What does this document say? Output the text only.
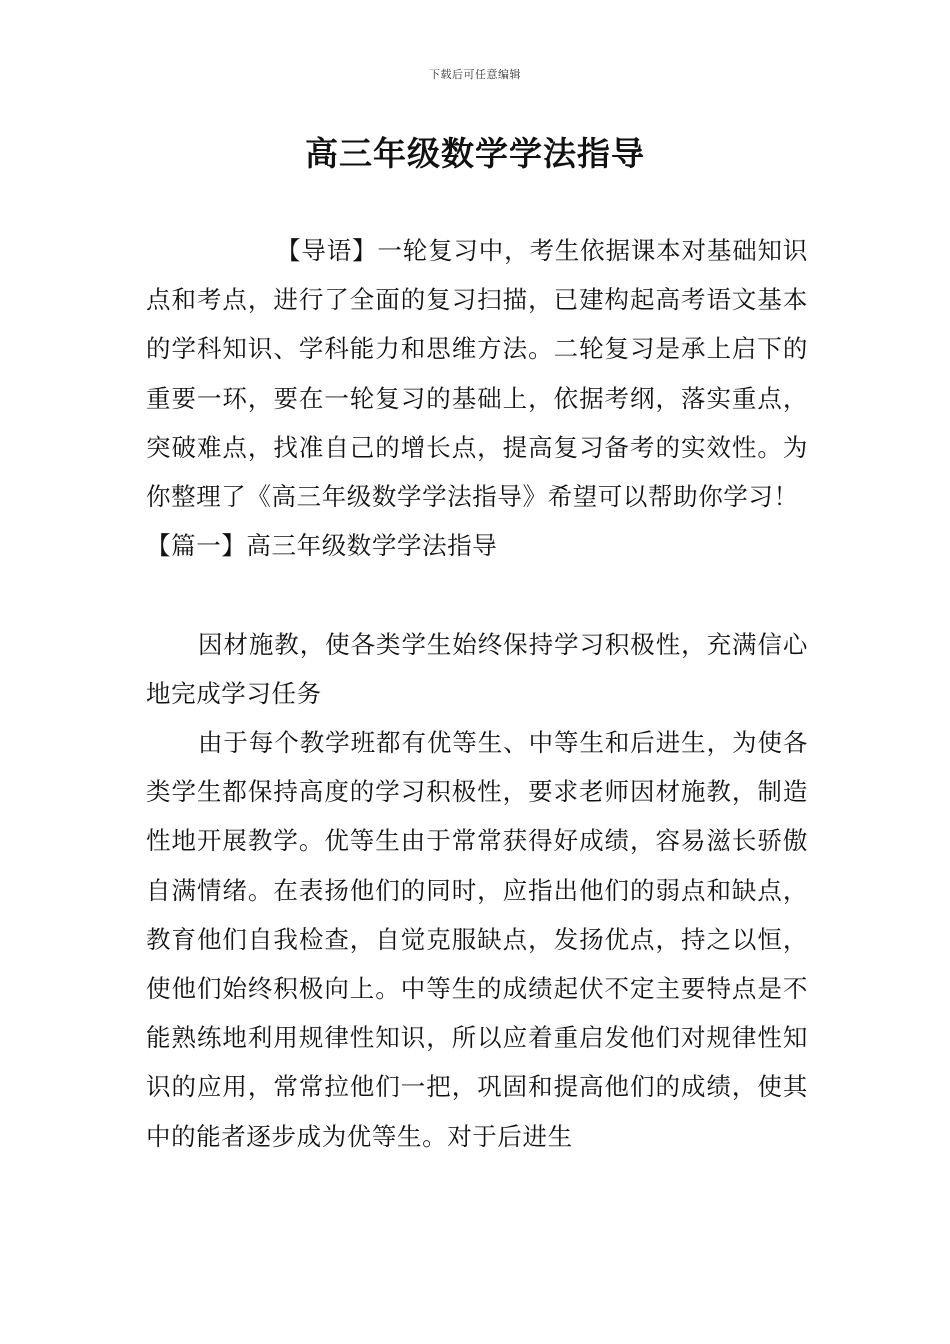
下载后可任意编辑
高三年级数学学法指导

【导语】一轮复习中，考生依据课本对基础知识点和考点，进行了全面的复习扫描，已建构起高考语文基本的学科知识、学科能力和思维方法。二轮复习是承上启下的重要一环，要在一轮复习的基础上，依据考纲，落实重点，突破难点，找准自己的增长点，提高复习备考的实效性。为你整理了《高三年级数学学法指导》希望可以帮助你学习！

【篇一】高三年级数学学法指导

因材施教，使各类学生始终保持学习积极性，充满信心地完成学习任务

由于每个教学班都有优等生、中等生和后进生，为使各类学生都保持高度的学习积极性，要求老师因材施教，制造性地开展教学。优等生由于常常获得好成绩，容易滋长骄傲自满情绪。在表扬他们的同时，应指出他们的弱点和缺点，教育他们自我检查，自觉克服缺点，发扬优点，持之以恒，使他们始终积极向上。中等生的成绩起伏不定主要特点是不能熟练地利用规律性知识，所以应着重启发他们对规律性知识的应用，常常拉他们一把，巩固和提高他们的成绩，使其中的能者逐步成为优等生。对于后进生
